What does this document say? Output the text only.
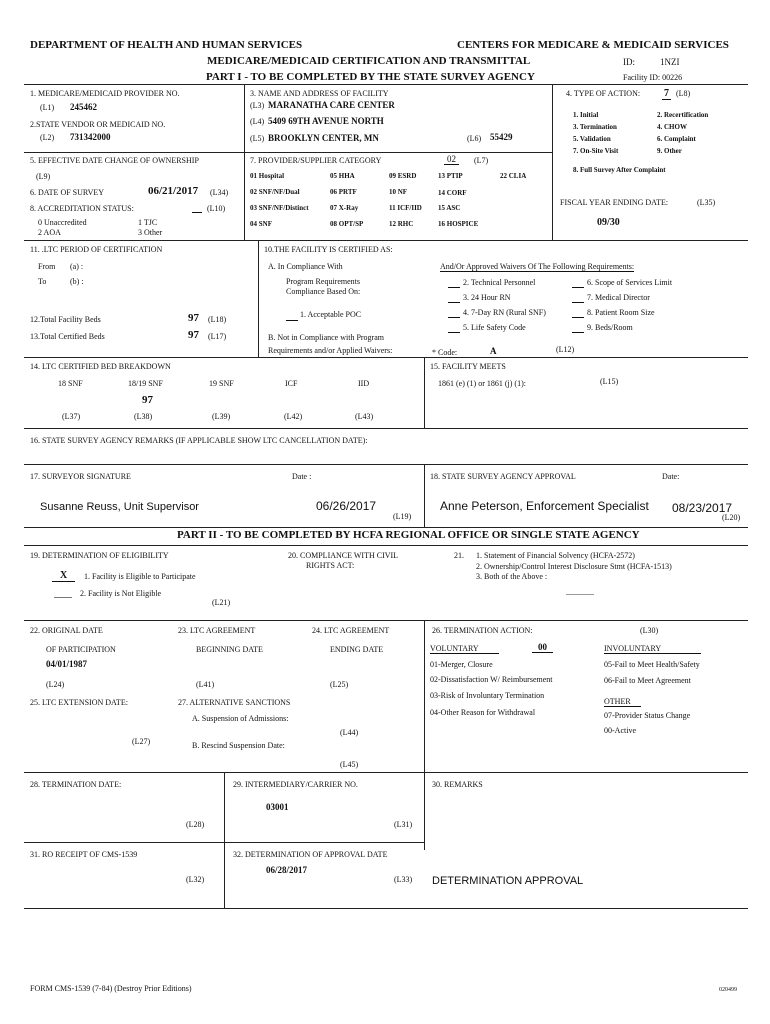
DEPARTMENT OF HEALTH AND HUMAN SERVICES	CENTERS FOR MEDICARE & MEDICAID SERVICES
MEDICARE/MEDICAID CERTIFICATION AND TRANSMITTAL	ID:	1NZI
PART I - TO BE COMPLETED BY THE STATE SURVEY AGENCY	Facility ID: 00226
1. MEDICARE/MEDICAID PROVIDER NO.
(L1) 245462
2.STATE VENDOR OR MEDICAID NO.
(L2) 731342000
3. NAME AND ADDRESS OF FACILITY
(L3) MARANATHA CARE CENTER
(L4) 5409 69TH AVENUE NORTH
(L5) BROOKLYN CENTER, MN	(L6) 55429
4. TYPE OF ACTION: 7 (L8)
1. Initial	2. Recertification
3. Termination	4. CHOW
5. Validation	6. Complaint
7. On-Site Visit	9. Other
8. Full Survey After Complaint
5. EFFECTIVE DATE CHANGE OF OWNERSHIP
(L9)
6. DATE OF SURVEY	06/21/2017 (L34)
8. ACCREDITATION STATUS:	(L10)
0 Unaccredited	1 TJC
2 AOA	3 Other
7. PROVIDER/SUPPLIER CATEGORY	02	(L7)
01 Hospital	05 HHA	09 ESRD	13 PTIP	22 CLIA
02 SNF/NF/Dual	06 PRTF	10 NF	14 CORF
03 SNF/NF/Distinct	07 X-Ray	11 ICF/IID 15 ASC
04 SNF	08 OPT/SP	12 RHC	16 HOSPICE
FISCAL YEAR ENDING DATE:	(L35)
09/30
11. .LTC PERIOD OF CERTIFICATION
From (a) :
To	(b) :
12.Total Facility Beds	97 (L18)
13.Total Certified Beds	97 (L17)
10.THE FACILITY IS CERTIFIED AS:
A. In Compliance With
Program Requirements
Compliance Based On:
1. Acceptable POC
B. Not in Compliance with Program
Requirements and/or Applied Waivers:	* Code:	A	(L12)
And/Or Approved Waivers Of The Following Requirements:
2. Technical Personnel	6. Scope of Services Limit
3. 24 Hour RN	7. Medical Director
4. 7-Day RN (Rural SNF)	8. Patient Room Size
5. Life Safety Code	9. Beds/Room
14. LTC CERTIFIED BED BREAKDOWN
18 SNF	18/19 SNF	19 SNF	ICF	IID
97
(L37)	(L38)	(L39)	(L42)	(L43)
15. FACILITY MEETS
1861 (e) (1) or 1861 (j) (1):	(L15)
16. STATE SURVEY AGENCY REMARKS (IF APPLICABLE SHOW LTC CANCELLATION DATE):
17. SURVEYOR SIGNATURE	Date :
Susanne Reuss, Unit Supervisor	06/26/2017
(L19)
18. STATE SURVEY AGENCY APPROVAL	Date:
Anne Peterson, Enforcement Specialist 08/23/2017
(L20)
PART II - TO BE COMPLETED BY HCFA REGIONAL OFFICE OR SINGLE STATE AGENCY
19. DETERMINATION OF ELIGIBILITY
X	1. Facility is Eligible to Participate
2. Facility is Not Eligible
(L21)
20. COMPLIANCE WITH CIVIL
RIGHTS ACT:
21. 1. Statement of Financial Solvency (HCFA-2572)
2. Ownership/Control Interest Disclosure Stmt (HCFA-1513)
3. Both of the Above :
22. ORIGINAL DATE
OF PARTICIPATION
04/01/1987
(L24)
23. LTC AGREEMENT
BEGINNING DATE
(L41)
24. LTC AGREEMENT
ENDING DATE
(L25)
25. LTC EXTENSION DATE:
(L27)
27. ALTERNATIVE SANCTIONS
A. Suspension of Admissions:
(L44)
B. Rescind Suspension Date:
(L45)
26. TERMINATION ACTION:	(L30)
VOLUNTARY	00	INVOLUNTARY
01-Merger, Closure
02-Dissatisfaction W/ Reimbursement
03-Risk of Involuntary Termination
04-Other Reason for Withdrawal
05-Fail to Meet Health/Safety
06-Fail to Meet Agreement
OTHER
07-Provider Status Change
00-Active
28. TERMINATION DATE:
(L28)
29. INTERMEDIARY/CARRIER NO.
03001
(L31)
30. REMARKS
31. RO RECEIPT OF CMS-1539
(L32)
32. DETERMINATION OF APPROVAL DATE
06/28/2017
(L33) DETERMINATION APPROVAL
FORM CMS-1539 (7-84) (Destroy Prior Editions)	020499
